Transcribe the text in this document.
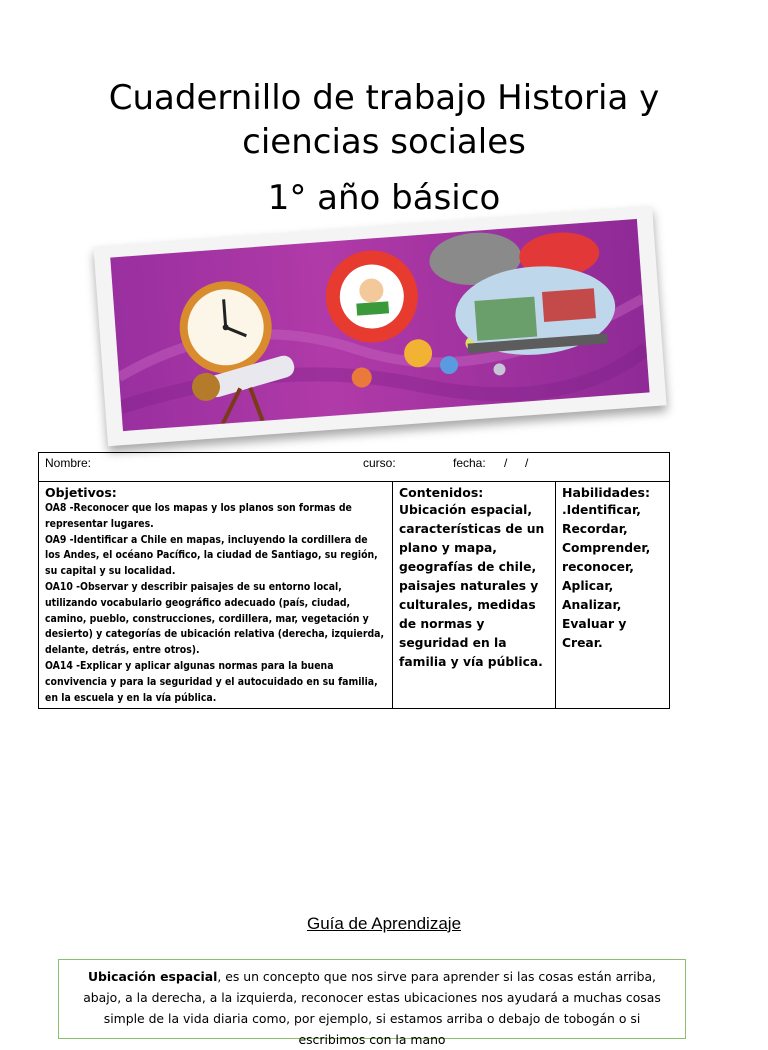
Cuadernillo de trabajo Historia y
ciencias sociales
1° año básico
Nombre:	curso:	fecha: / /

Objetivos:

OA8 -Reconocer que los mapas y los planos son formas de representar lugares.

OA9 -Identificar a Chile en mapas, incluyendo la cordillera de los Andes, el océano Pacífico, la ciudad de Santiago, su región, su capital y su localidad.

OA10 -Observar y describir paisajes de su entorno local, utilizando vocabulario geográfico adecuado (país, ciudad, camino, pueblo, construcciones, cordillera, mar, vegetación y desierto) y categorías de ubicación relativa (derecha, izquierda, delante, detrás, entre otros).

OA14 -Explicar y aplicar algunas normas para la buena convivencia y para la seguridad y el autocuidado en su familia, en la escuela y en la vía pública.

Contenidos:

Ubicación espacial, características de un plano y mapa, geografías de chile, paisajes naturales y culturales, medidas de normas y seguridad en la familia y vía pública.

Habilidades:

.Identificar,

Recordar,

Comprender,

reconocer,

Aplicar,

Analizar,

Evaluar y Crear.

Guía de Aprendizaje
Ubicación espacial, es un concepto que nos sirve para aprender si las cosas están arriba, abajo, a la derecha, a la izquierda, reconocer estas ubicaciones nos ayudará a muchas cosas simple de la vida diaria como, por ejemplo, si estamos arriba o debajo de tobogán o si escribimos con la mano
